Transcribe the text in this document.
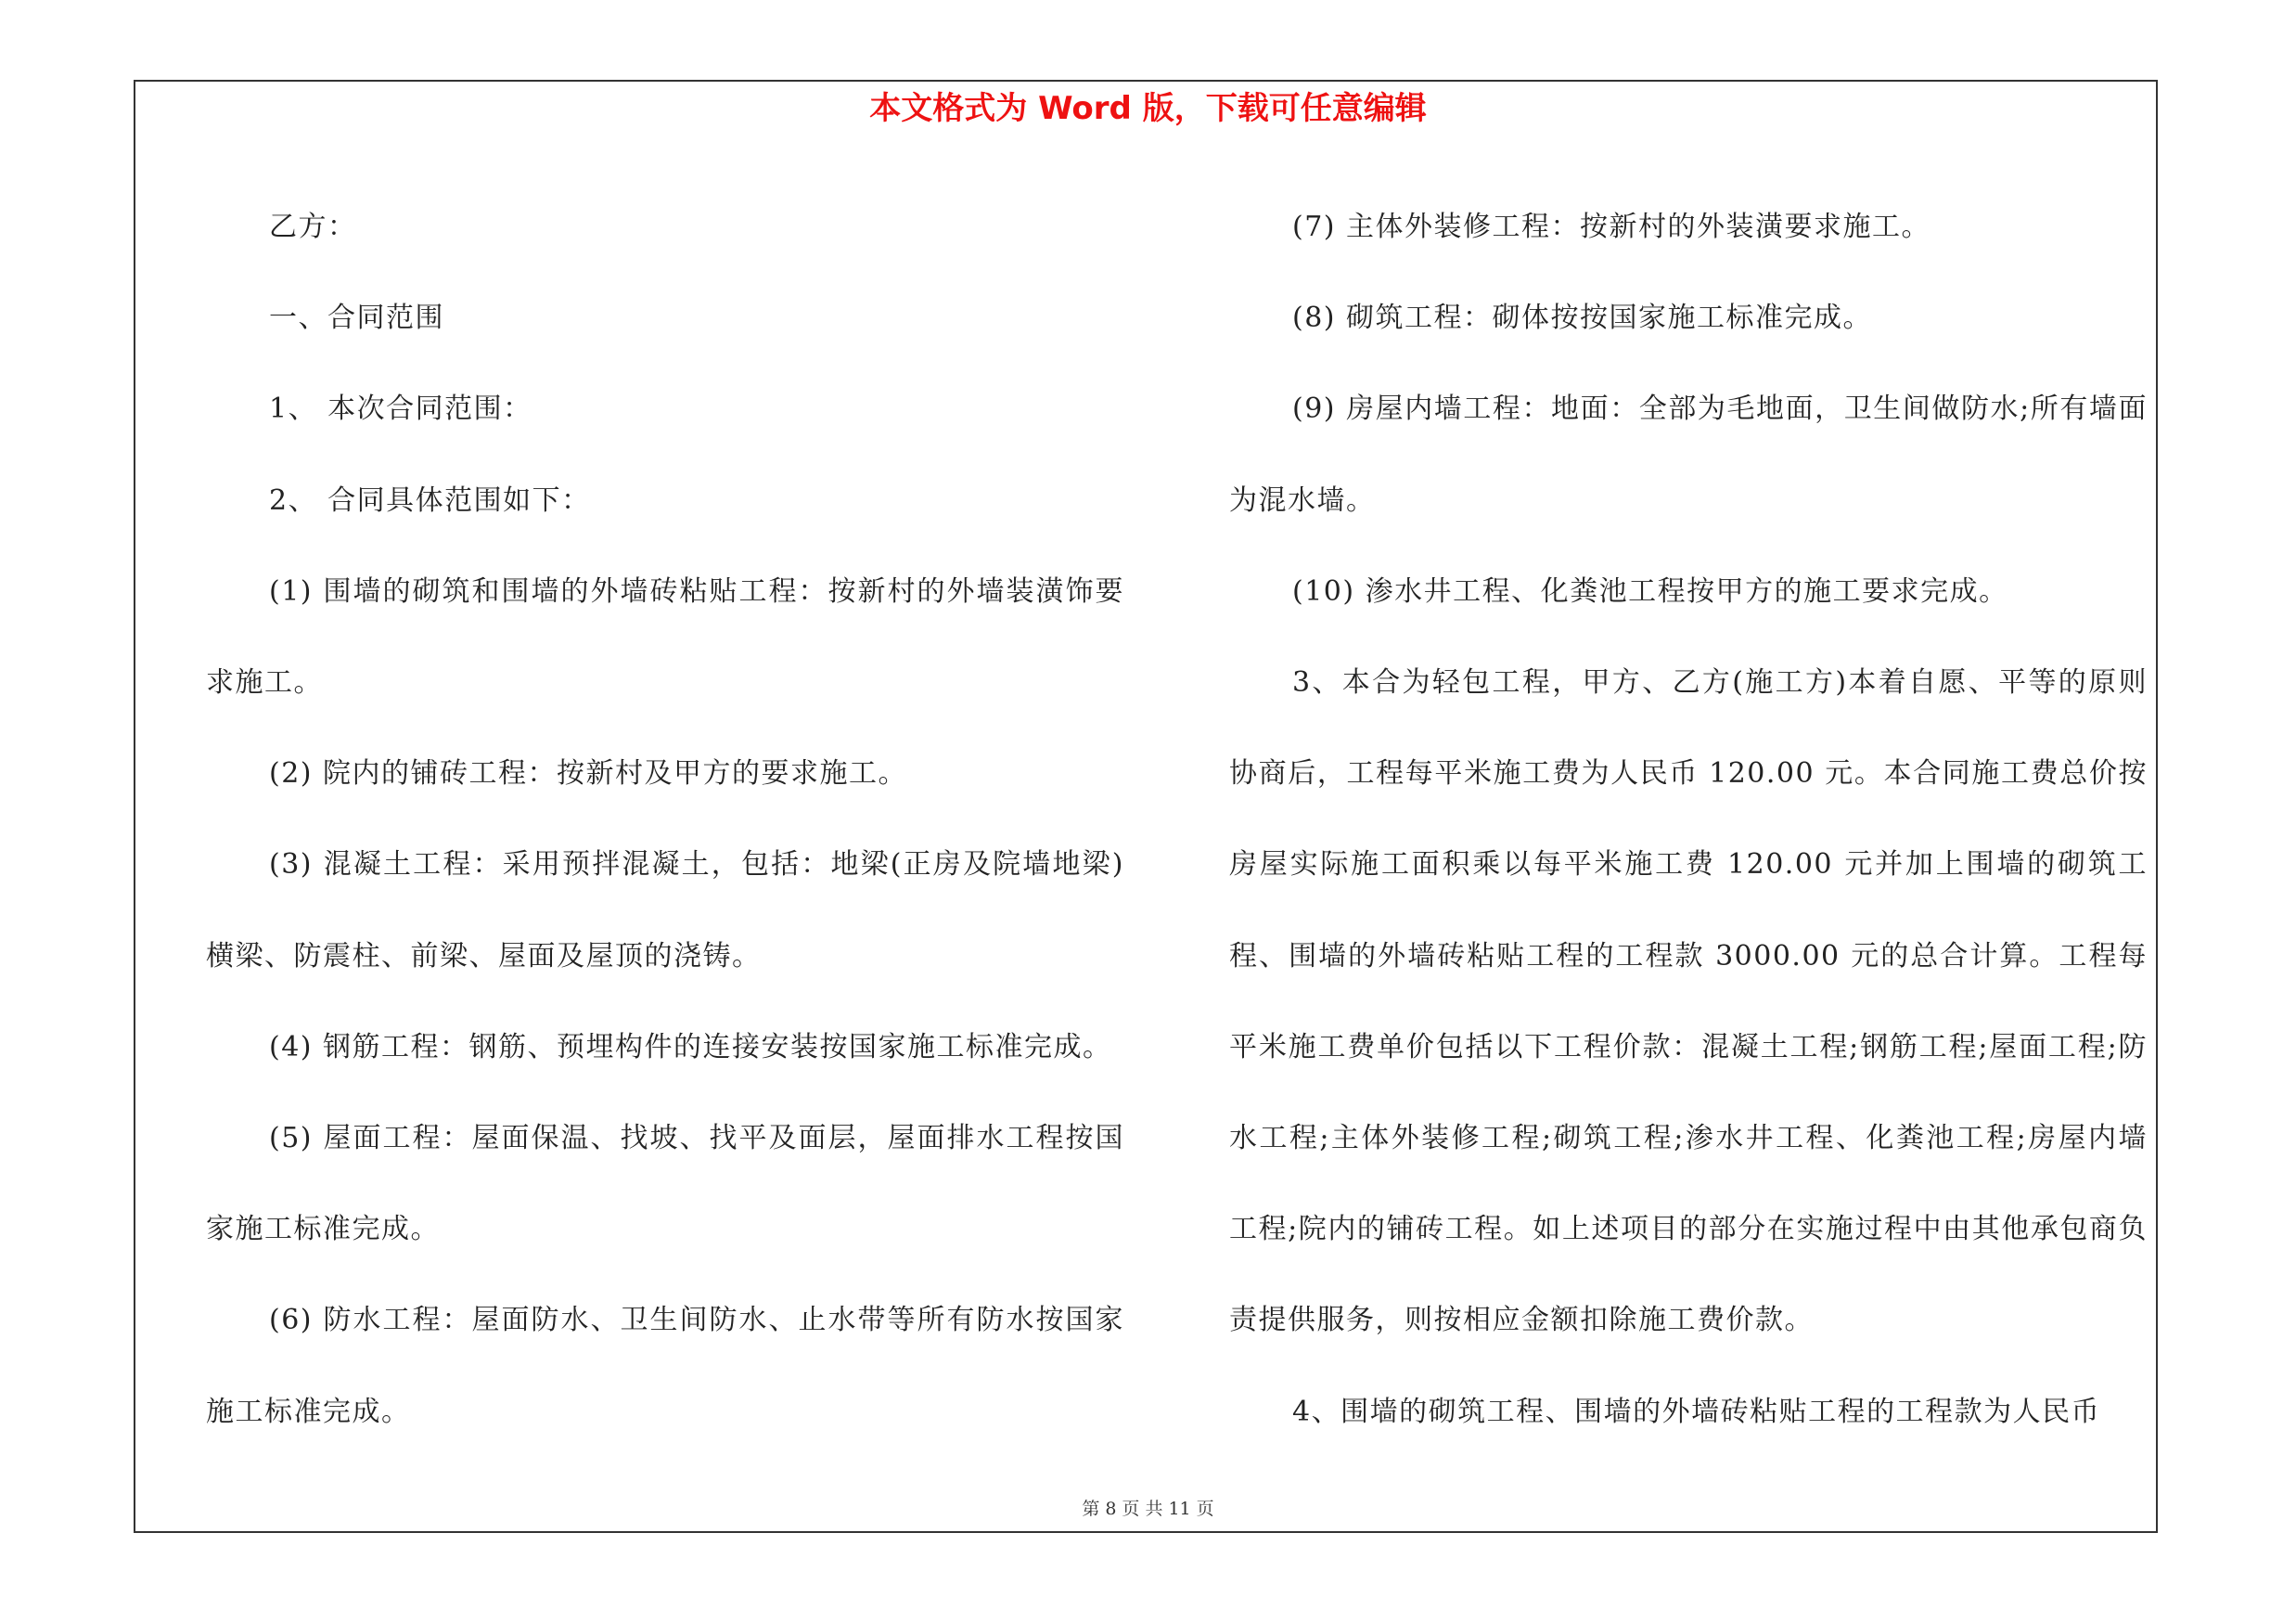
本文格式为 Word 版，下载可任意编辑

乙方：

一、合同范围

1、 本次合同范围：

2、 合同具体范围如下：

(1) 围墙的砌筑和围墙的外墙砖粘贴工程：按新村的外墙装潢饰要求施工。

(2) 院内的铺砖工程：按新村及甲方的要求施工。

(3) 混凝土工程：采用预拌混凝土，包括：地梁(正房及院墙地梁)横梁、防震柱、前梁、屋面及屋顶的浇铸。

(4) 钢筋工程：钢筋、预埋构件的连接安装按国家施工标准完成。

(5) 屋面工程：屋面保温、找坡、找平及面层，屋面排水工程按国家施工标准完成。

(6) 防水工程：屋面防水、卫生间防水、止水带等所有防水按国家施工标准完成。

(7) 主体外装修工程：按新村的外装潢要求施工。

(8) 砌筑工程：砌体按按国家施工标准完成。

(9) 房屋内墙工程：地面：全部为毛地面，卫生间做防水;所有墙面为混水墙。

(10) 渗水井工程、化粪池工程按甲方的施工要求完成。

3、本合为轻包工程，甲方、乙方(施工方)本着自愿、平等的原则协商后，工程每平米施工费为人民币 120.00 元。本合同施工费总价按房屋实际施工面积乘以每平米施工费 120.00 元并加上围墙的砌筑工程、围墙的外墙砖粘贴工程的工程款 3000.00 元的总合计算。工程每平米施工费单价包括以下工程价款：混凝土工程;钢筋工程;屋面工程;防水工程;主体外装修工程;砌筑工程;渗水井工程、化粪池工程;房屋内墙工程;院内的铺砖工程。如上述项目的部分在实施过程中由其他承包商负责提供服务，则按相应金额扣除施工费价款。

4、围墙的砌筑工程、围墙的外墙砖粘贴工程的工程款为人民币

第 8 页 共 11 页
